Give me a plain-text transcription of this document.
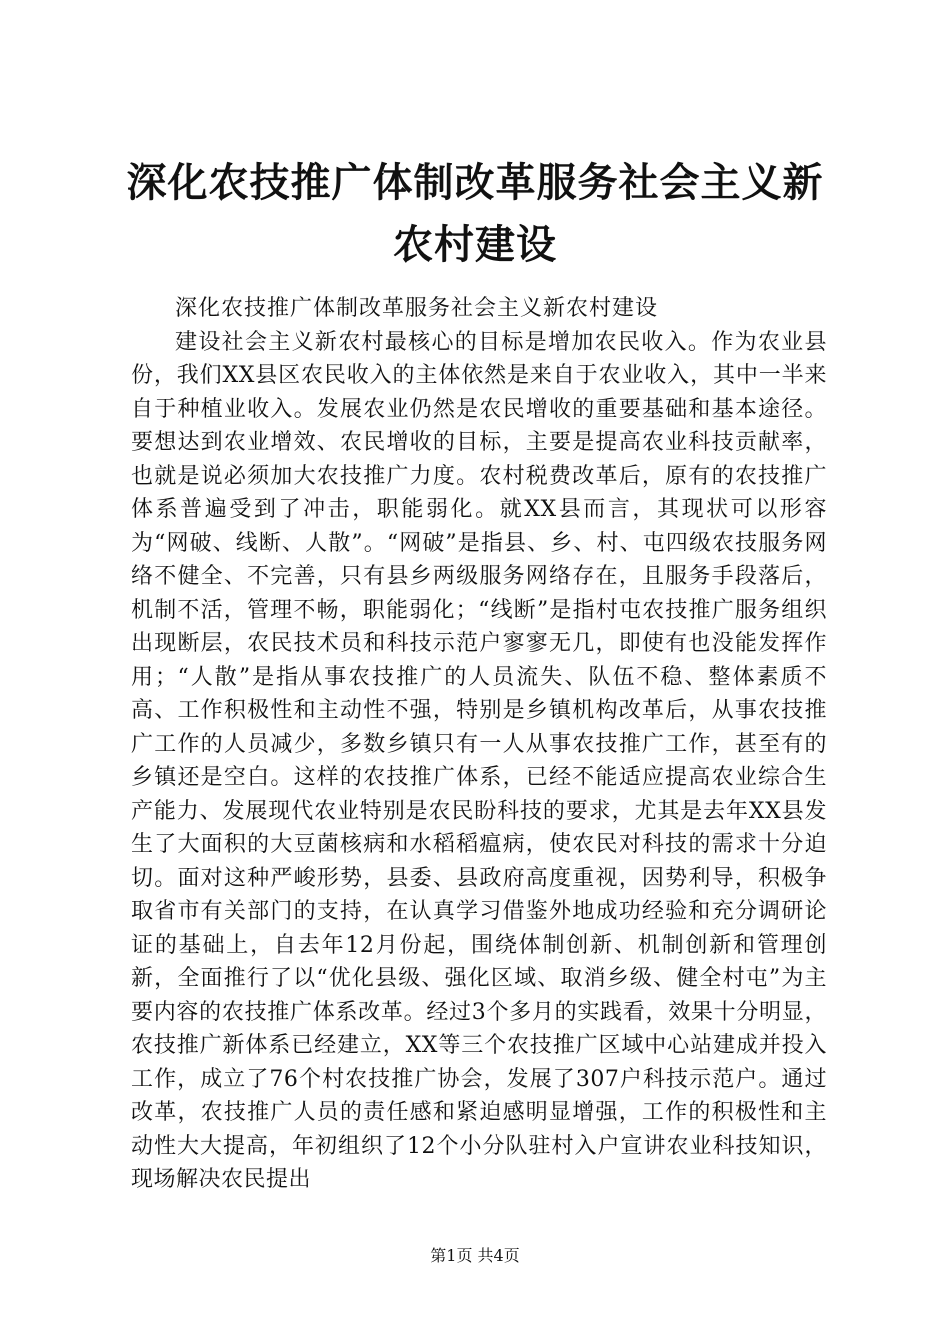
深化农技推广体制改革服务社会主义新农村建设

深化农技推广体制改革服务社会主义新农村建设

建设社会主义新农村最核心的目标是增加农民收入。作为农业县份，我们XX县区农民收入的主体依然是来自于农业收入，其中一半来自于种植业收入。发展农业仍然是农民增收的重要基础和基本途径。要想达到农业增效、农民增收的目标，主要是提高农业科技贡献率，也就是说必须加大农技推广力度。农村税费改革后，原有的农技推广体系普遍受到了冲击，职能弱化。就XX县而言，其现状可以形容为“网破、线断、人散”。“网破”是指县、乡、村、屯四级农技服务网络不健全、不完善，只有县乡两级服务网络存在，且服务手段落后，机制不活，管理不畅，职能弱化；“线断”是指村屯农技推广服务组织出现断层，农民技术员和科技示范户寥寥无几，即使有也没能发挥作用；“人散”是指从事农技推广的人员流失、队伍不稳、整体素质不高、工作积极性和主动性不强，特别是乡镇机构改革后，从事农技推广工作的人员减少，多数乡镇只有一人从事农技推广工作，甚至有的乡镇还是空白。这样的农技推广体系，已经不能适应提高农业综合生产能力、发展现代农业特别是农民盼科技的要求，尤其是去年XX县发生了大面积的大豆菌核病和水稻稻瘟病，使农民对科技的需求十分迫切。面对这种严峻形势，县委、县政府高度重视，因势利导，积极争取省市有关部门的支持，在认真学习借鉴外地成功经验和充分调研论证的基础上，自去年12月份起，围绕体制创新、机制创新和管理创新，全面推行了以“优化县级、强化区域、取消乡级、健全村屯”为主要内容的农技推广体系改革。经过3个多月的实践看，效果十分明显，农技推广新体系已经建立，XX等三个农技推广区域中心站建成并投入工作，成立了76个村农技推广协会，发展了307户科技示范户。通过改革，农技推广人员的责任感和紧迫感明显增强，工作的积极性和主动性大大提高，年初组织了12个小分队驻村入户宣讲农业科技知识，现场解决农民提出

第1页 共4页
